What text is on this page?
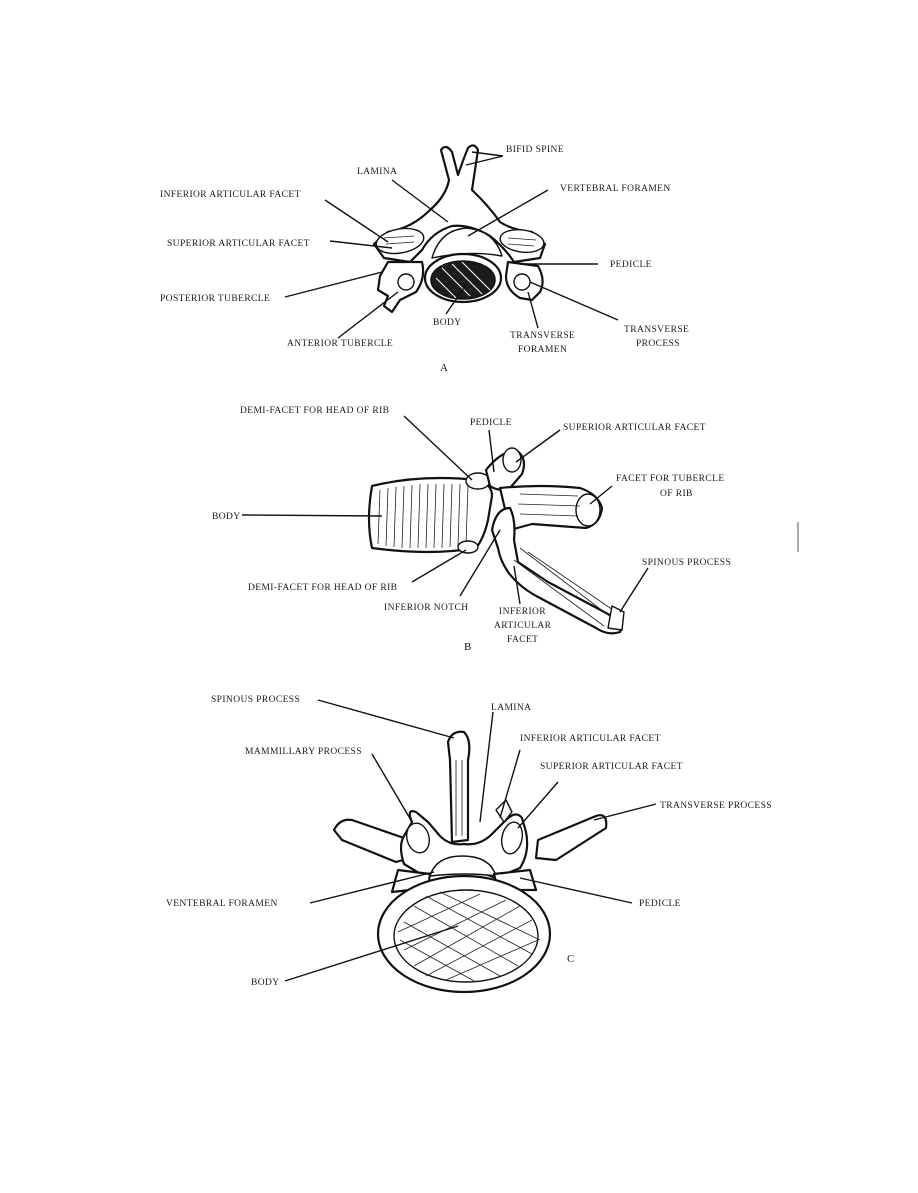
BIFID SPINE
LAMINA
VERTEBRAL FORAMEN
INFERIOR ARTICULAR FACET
SUPERIOR ARTICULAR FACET
PEDICLE
POSTERIOR TUBERCLE
BODY
TRANSVERSE
PROCESS
TRANSVERSE
FORAMEN
ANTERIOR TUBERCLE
A
DEMI-FACET FOR HEAD OF RIB
PEDICLE	SUPERIOR ARTICULAR FACET
FACET FOR TUBERCLE
OF RIB
BODY
SPINOUS PROCESS
DEMI-FACET FOR HEAD OF RIB
INFERIOR NOTCH	INFERIOR
ARTICULAR
FACET
B
SPINOUS PROCESS
LAMINA
INFERIOR ARTICULAR FACET
MAMMILLARY PROCESS
SUPERIOR ARTICULAR FACET
TRANSVERSE PROCESS
VENTEBRAL FORAMEN	PEDICLE
C
BODY
